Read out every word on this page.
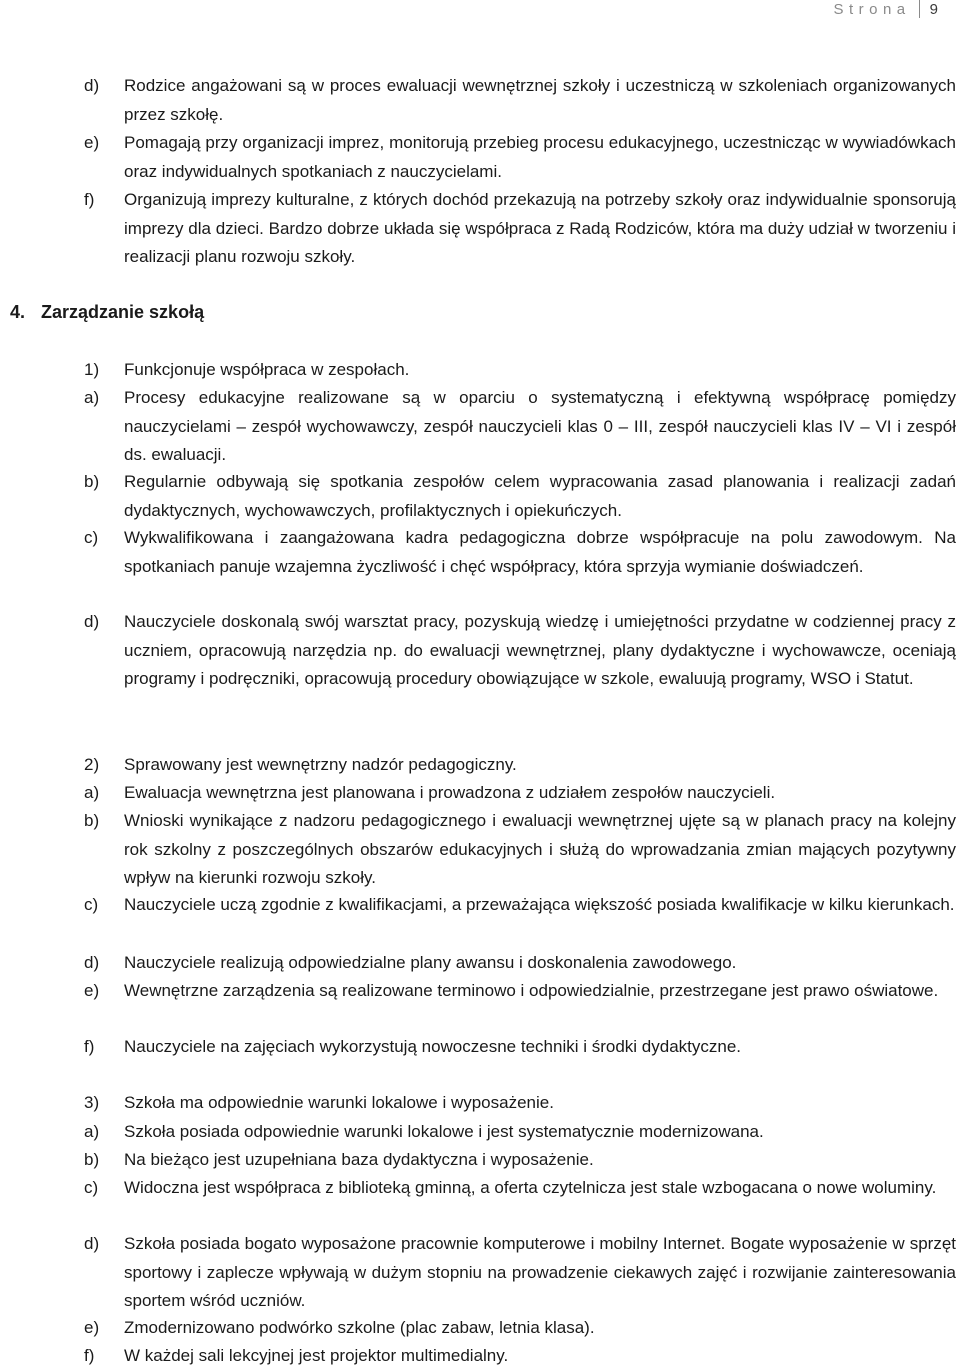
Strona 9
d)	Rodzice angażowani są w proces ewaluacji wewnętrznej szkoły i uczestniczą w szkoleniach organizowanych przez szkołę.
e)	Pomagają przy organizacji imprez, monitorują przebieg procesu edukacyjnego, uczestnicząc w wywiadówkach oraz indywidualnych spotkaniach z nauczycielami.
f)	Organizują imprezy kulturalne, z których dochód przekazują na potrzeby szkoły oraz indywidualnie sponsorują imprezy dla dzieci. Bardzo dobrze układa się współpraca z Radą Rodziców, która ma duży udział w tworzeniu i realizacji planu rozwoju szkoły.
4. Zarządzanie szkołą
1)	Funkcjonuje współpraca w zespołach.
a)	Procesy edukacyjne realizowane są w oparciu o systematyczną i efektywną współpracę pomiędzy nauczycielami – zespół wychowawczy, zespół nauczycieli klas 0 – III, zespół nauczycieli klas IV – VI i zespół ds. ewaluacji.
b)	Regularnie odbywają się spotkania zespołów celem wypracowania zasad planowania i realizacji zadań dydaktycznych, wychowawczych, profilaktycznych i opiekuńczych.
c)	Wykwalifikowana i zaangażowana kadra pedagogiczna dobrze współpracuje na polu zawodowym. Na spotkaniach panuje wzajemna życzliwość i chęć współpracy, która sprzyja wymianie doświadczeń.
d)	Nauczyciele doskonalą swój warsztat pracy, pozyskują wiedzę i umiejętności przydatne w codziennej pracy z uczniem, opracowują narzędzia np. do ewaluacji wewnętrznej, plany dydaktyczne i wychowawcze, oceniają programy i podręczniki, opracowują procedury obowiązujące w szkole, ewaluują programy, WSO i Statut.
2)	Sprawowany jest wewnętrzny nadzór pedagogiczny.
a)	Ewaluacja wewnętrzna jest planowana i prowadzona z udziałem zespołów nauczycieli.
b)	Wnioski wynikające z nadzoru pedagogicznego i ewaluacji wewnętrznej ujęte są w planach pracy na kolejny rok szkolny z poszczególnych obszarów edukacyjnych i służą do wprowadzania zmian mających pozytywny wpływ na kierunki rozwoju szkoły.
c)	Nauczyciele uczą zgodnie z kwalifikacjami, a przeważająca większość posiada kwalifikacje w kilku kierunkach.
d)	Nauczyciele realizują odpowiedzialne plany awansu i doskonalenia zawodowego.
e)	Wewnętrzne zarządzenia są realizowane terminowo i odpowiedzialnie, przestrzegane jest prawo oświatowe.
f)	Nauczyciele na zajęciach wykorzystują nowoczesne techniki i środki dydaktyczne.
3)	Szkoła ma odpowiednie warunki lokalowe i wyposażenie.
a)	Szkoła posiada odpowiednie warunki lokalowe i jest systematycznie modernizowana.
b)	Na bieżąco jest uzupełniana baza dydaktyczna i wyposażenie.
c)	Widoczna jest współpraca z biblioteką gminną, a oferta czytelnicza jest stale wzbogacana o nowe woluminy.
d)	Szkoła posiada bogato wyposażone pracownie komputerowe i mobilny Internet. Bogate wyposażenie w sprzęt sportowy i zaplecze wpływają w dużym stopniu na prowadzenie ciekawych zajęć i rozwijanie zainteresowania sportem wśród uczniów.
e)	Zmodernizowano podwórko szkolne (plac zabaw, letnia klasa).
f)	W każdej sali lekcyjnej jest projektor multimedialny.
